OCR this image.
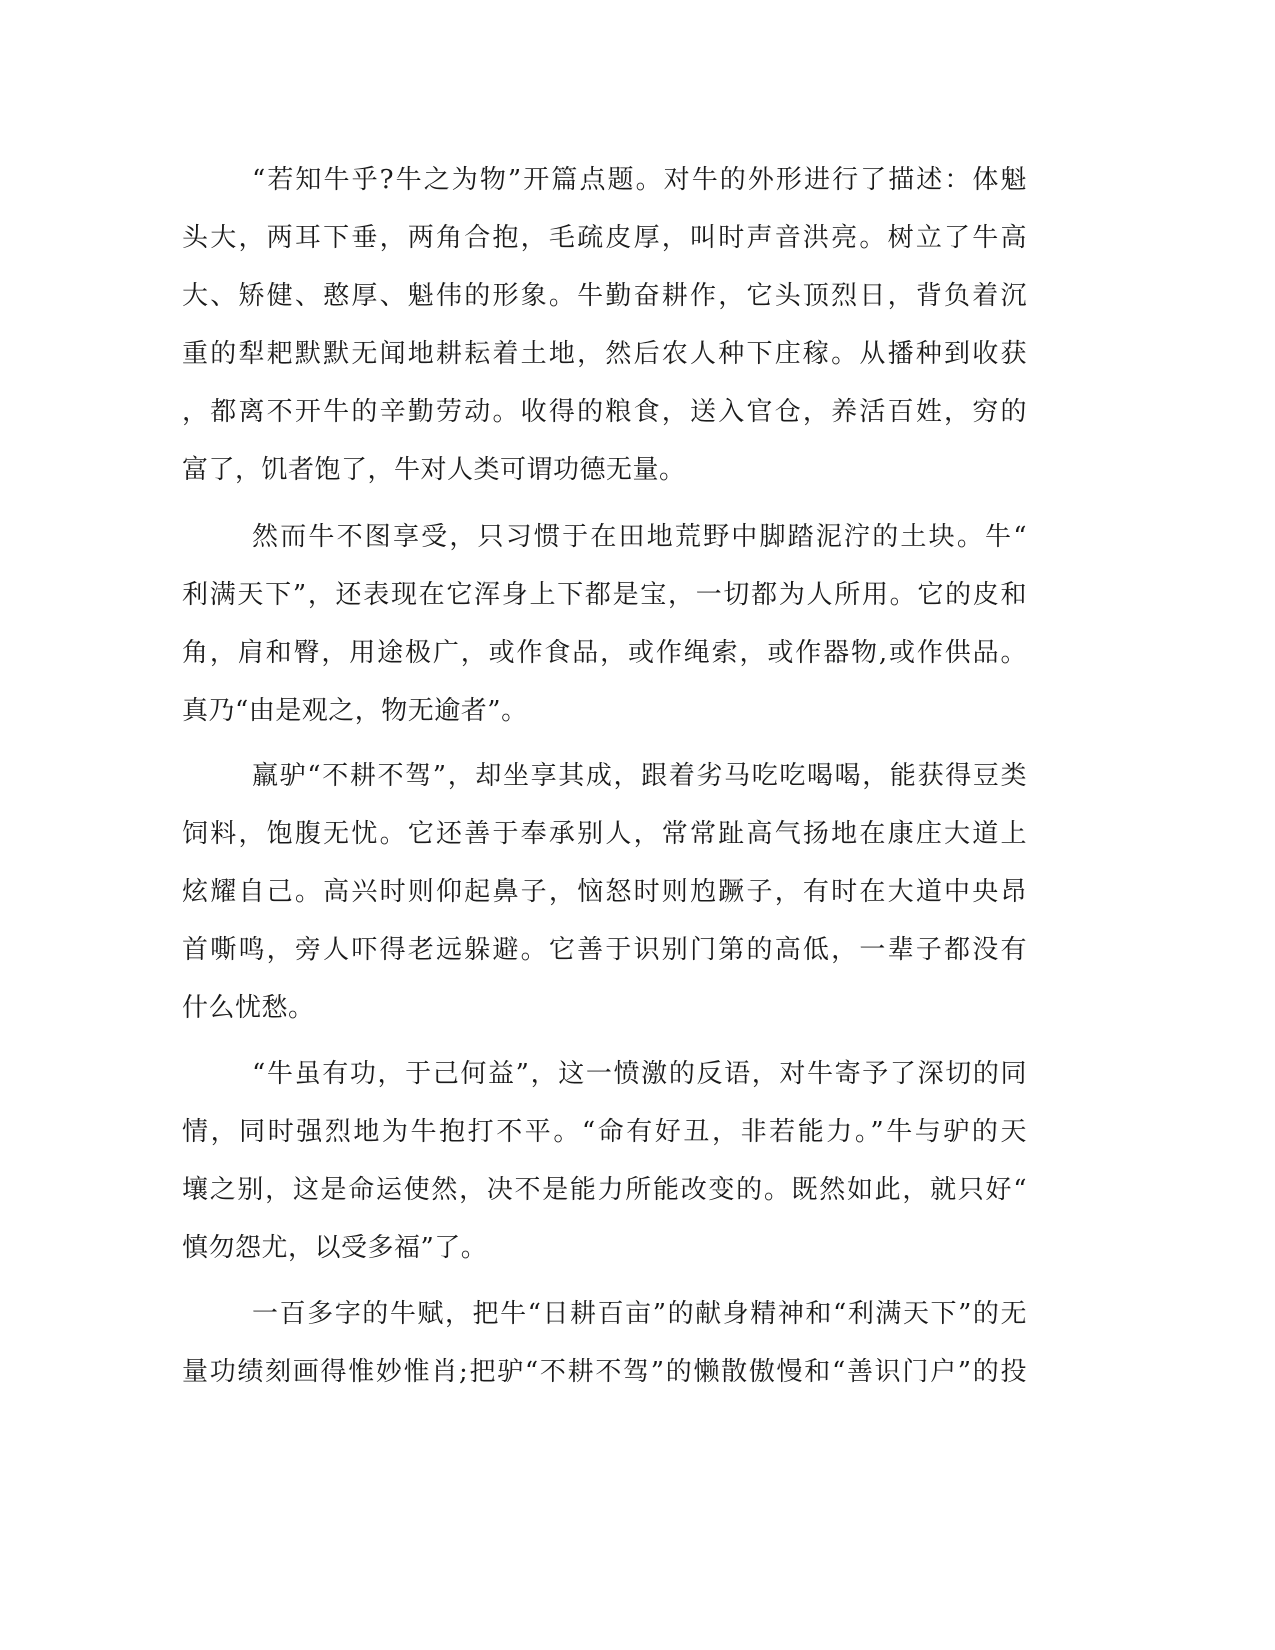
“若知牛乎?牛之为物”开篇点题。对牛的外形进行了描述：体魁
头大，两耳下垂，两角合抱，毛疏皮厚，叫时声音洪亮。树立了牛高
大、矫健、憨厚、魁伟的形象。牛勤奋耕作，它头顶烈日，背负着沉
重的犁耙默默无闻地耕耘着土地，然后农人种下庄稼。从播种到收获
，都离不开牛的辛勤劳动。收得的粮食，送入官仓，养活百姓，穷的
富了，饥者饱了，牛对人类可谓功德无量。
然而牛不图享受，只习惯于在田地荒野中脚踏泥泞的土块。牛“
利满天下”，还表现在它浑身上下都是宝，一切都为人所用。它的皮和
角，肩和臀，用途极广，或作食品，或作绳索，或作器物,或作供品。
真乃“由是观之，物无逾者”。
羸驴“不耕不驾”，却坐享其成，跟着劣马吃吃喝喝，能获得豆类
饲料，饱腹无忧。它还善于奉承别人，常常趾高气扬地在康庄大道上
炫耀自己。高兴时则仰起鼻子，恼怒时则尥蹶子，有时在大道中央昂
首嘶鸣，旁人吓得老远躲避。它善于识别门第的高低，一辈子都没有
什么忧愁。
“牛虽有功，于己何益”，这一愤激的反语，对牛寄予了深切的同
情，同时强烈地为牛抱打不平。“命有好丑，非若能力。”牛与驴的天
壤之别，这是命运使然，决不是能力所能改变的。既然如此，就只好“
慎勿怨尤，以受多福”了。
一百多字的牛赋，把牛“日耕百亩”的献身精神和“利满天下”的无
量功绩刻画得惟妙惟肖;把驴“不耕不驾”的懒散傲慢和“善识门户”的投
